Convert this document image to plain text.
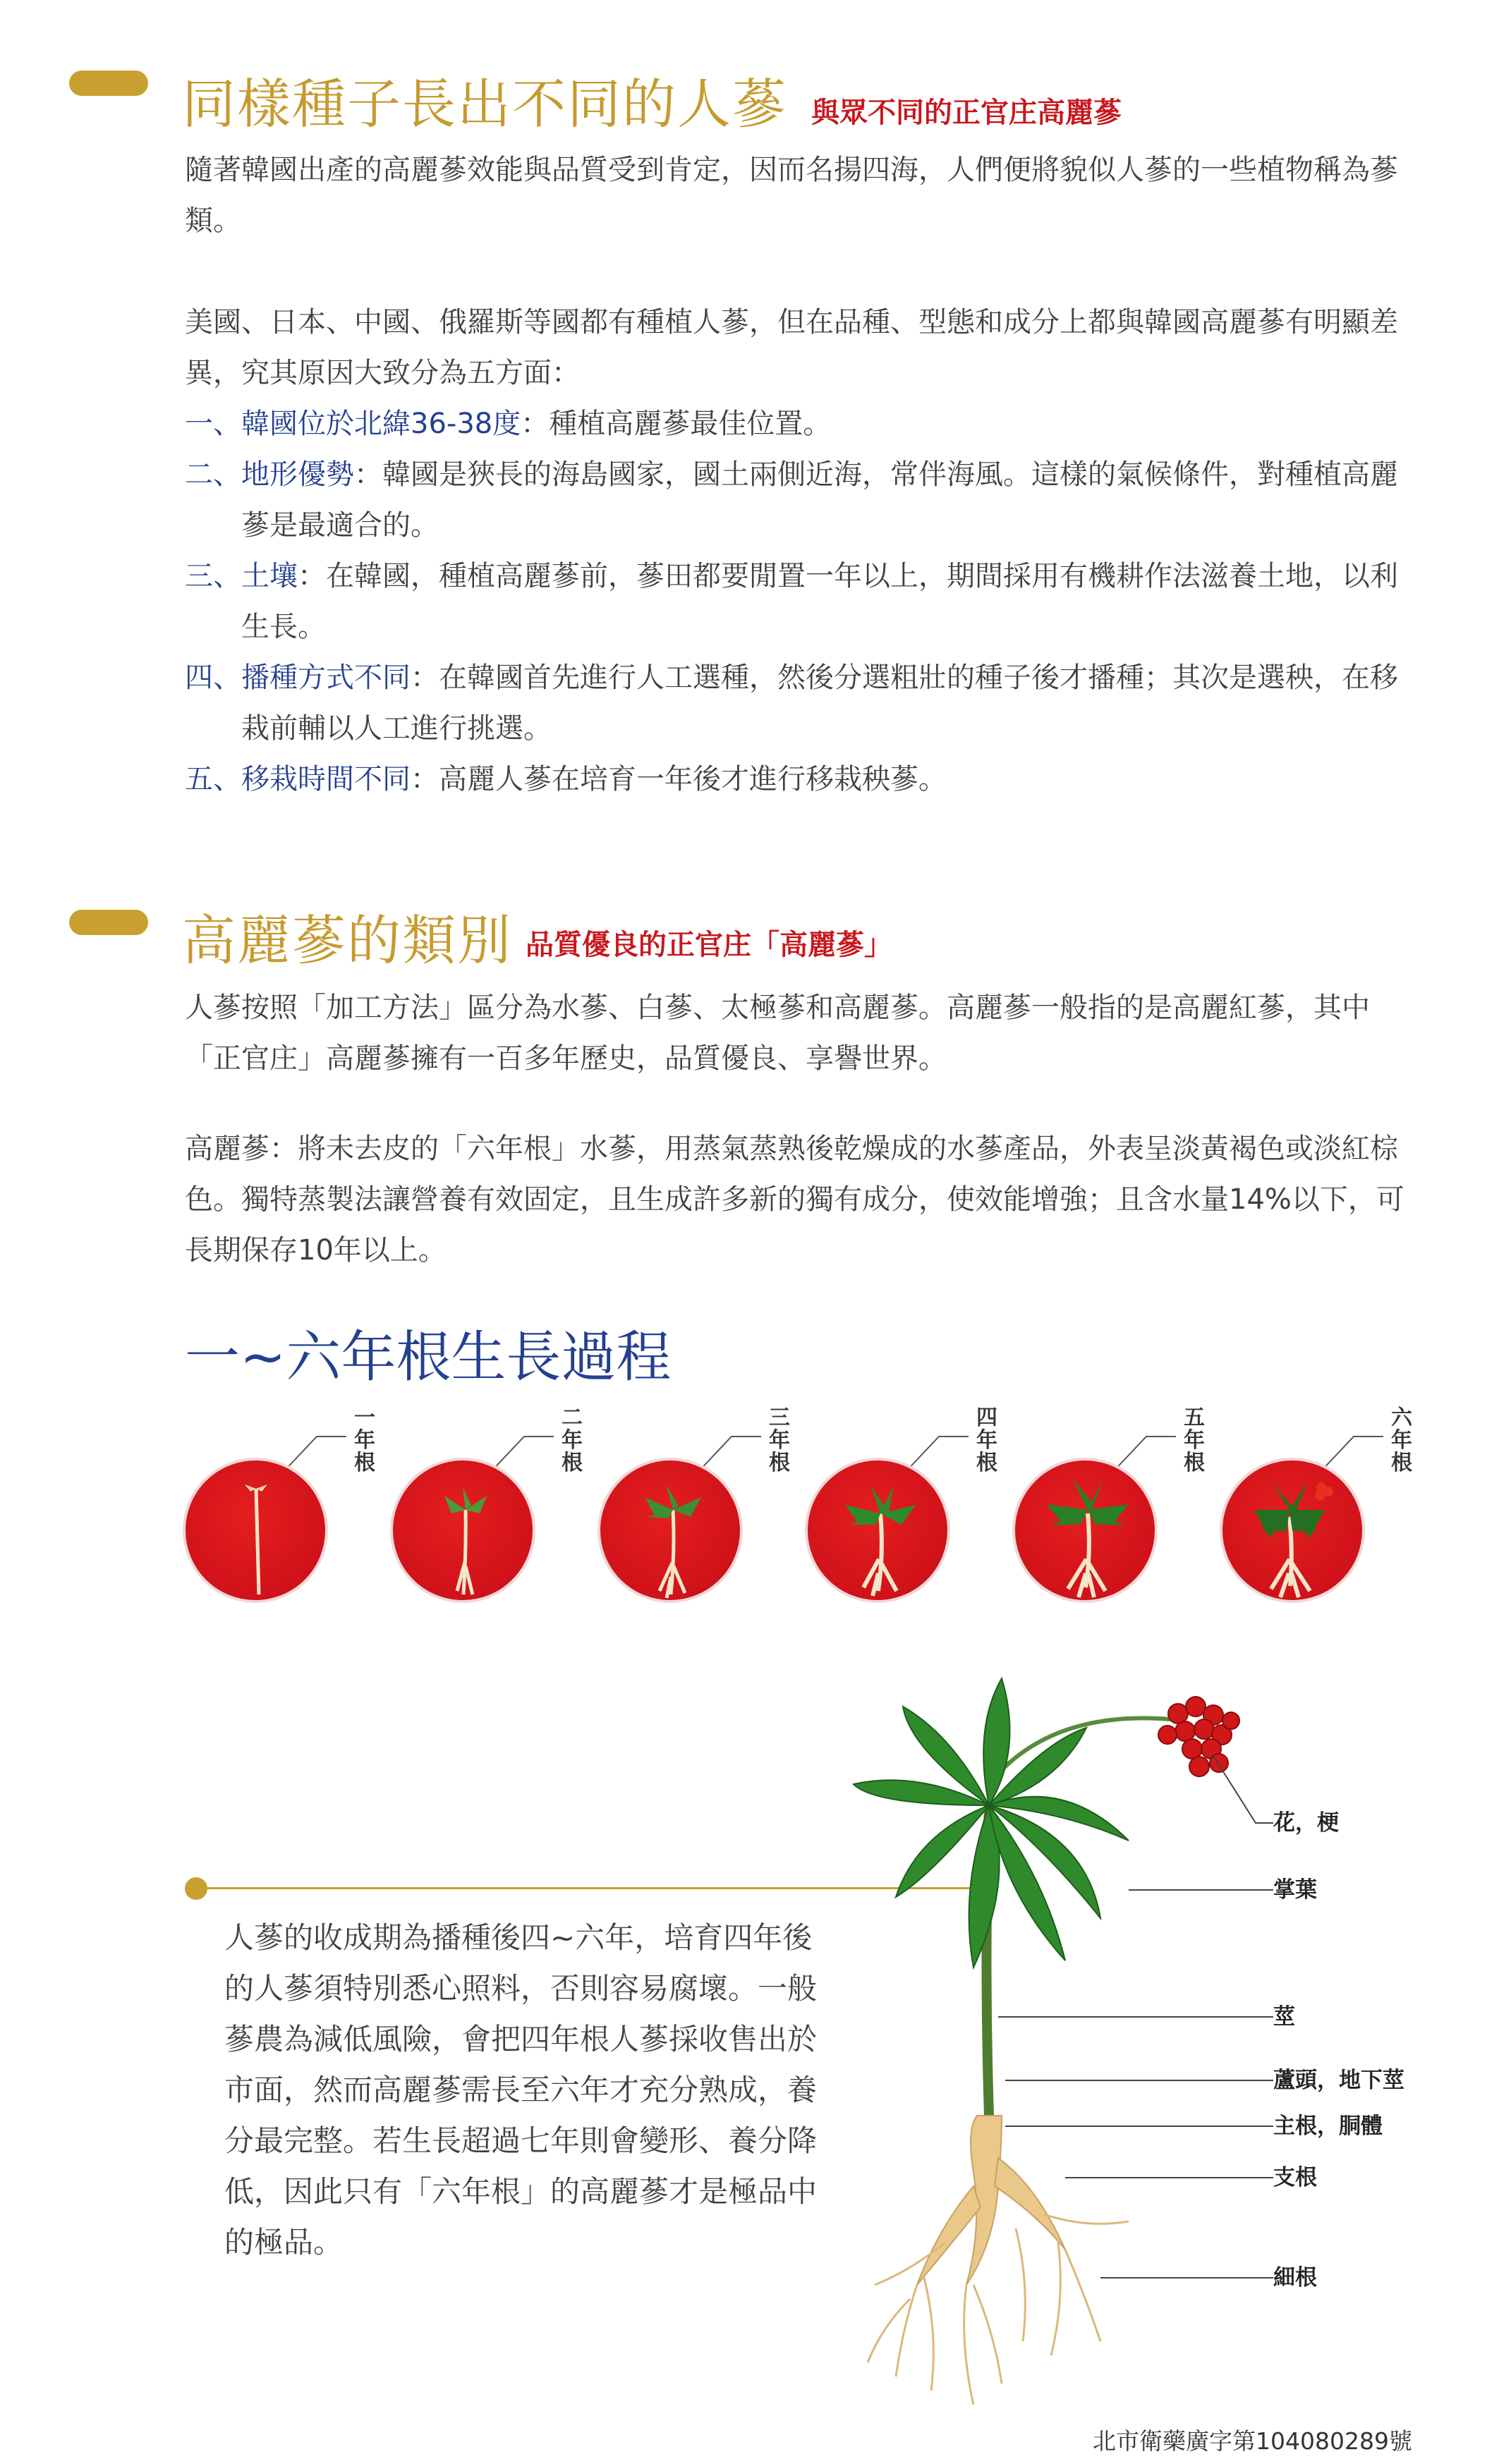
同樣種子長出不同的人蔘 與眾不同的正官庄高麗蔘

隨著韓國出產的高麗蔘效能與品質受到肯定，因而名揚四海，人們便將貌似人蔘的一些植物稱為蔘類。

美國、日本、中國、俄羅斯等國都有種植人蔘，但在品種、型態和成分上都與韓國高麗蔘有明顯差異，究其原因大致分為五方面：

一、 韓國位於北緯36-38度：種植高麗蔘最佳位置。
二、 地形優勢：韓國是狹長的海島國家，國土兩側近海，常伴海風。這樣的氣候條件，對種植高麗蔘是最適合的。
三、 土壤：在韓國，種植高麗蔘前，蔘田都要閒置一年以上，期間採用有機耕作法滋養土地，以利生長。
四、 播種方式不同：在韓國首先進行人工選種，然後分選粗壯的種子後才播種；其次是選秧，在移栽前輔以人工進行挑選。
五、 移栽時間不同：高麗人蔘在培育一年後才進行移栽秧蔘。
高麗蔘的類別 品質優良的正官庄「高麗蔘」

人蔘按照「加工方法」區分為水蔘、白蔘、太極蔘和高麗蔘。高麗蔘一般指的是高麗紅蔘，其中「正官庄」高麗蔘擁有一百多年歷史，品質優良、享譽世界。

高麗蔘：將未去皮的「六年根」水蔘，用蒸氣蒸熟後乾燥成的水蔘產品，外表呈淡黃褐色或淡紅棕色。獨特蒸製法讓營養有效固定，且生成許多新的獨有成分，使效能增強；且含水量14%以下，可長期保存10年以上。

一~六年根生長過程
一
年
根
二
年
根
三
年
根
四
年
根
五
年
根
六
年
根

人蔘的收成期為播種後四~六年，培育四年後的人蔘須特別悉心照料，否則容易腐壞。一般蔘農為減低風險，會把四年根人蔘採收售出於市面，然而高麗蔘需長至六年才充分熟成，養分最完整。若生長超過七年則會變形、養分降低，因此只有「六年根」的高麗蔘才是極品中的極品。

花，梗
掌葉
莖
蘆頭，地下莖
主根，胴體
支根
細根
北市衛藥廣字第104080289號
